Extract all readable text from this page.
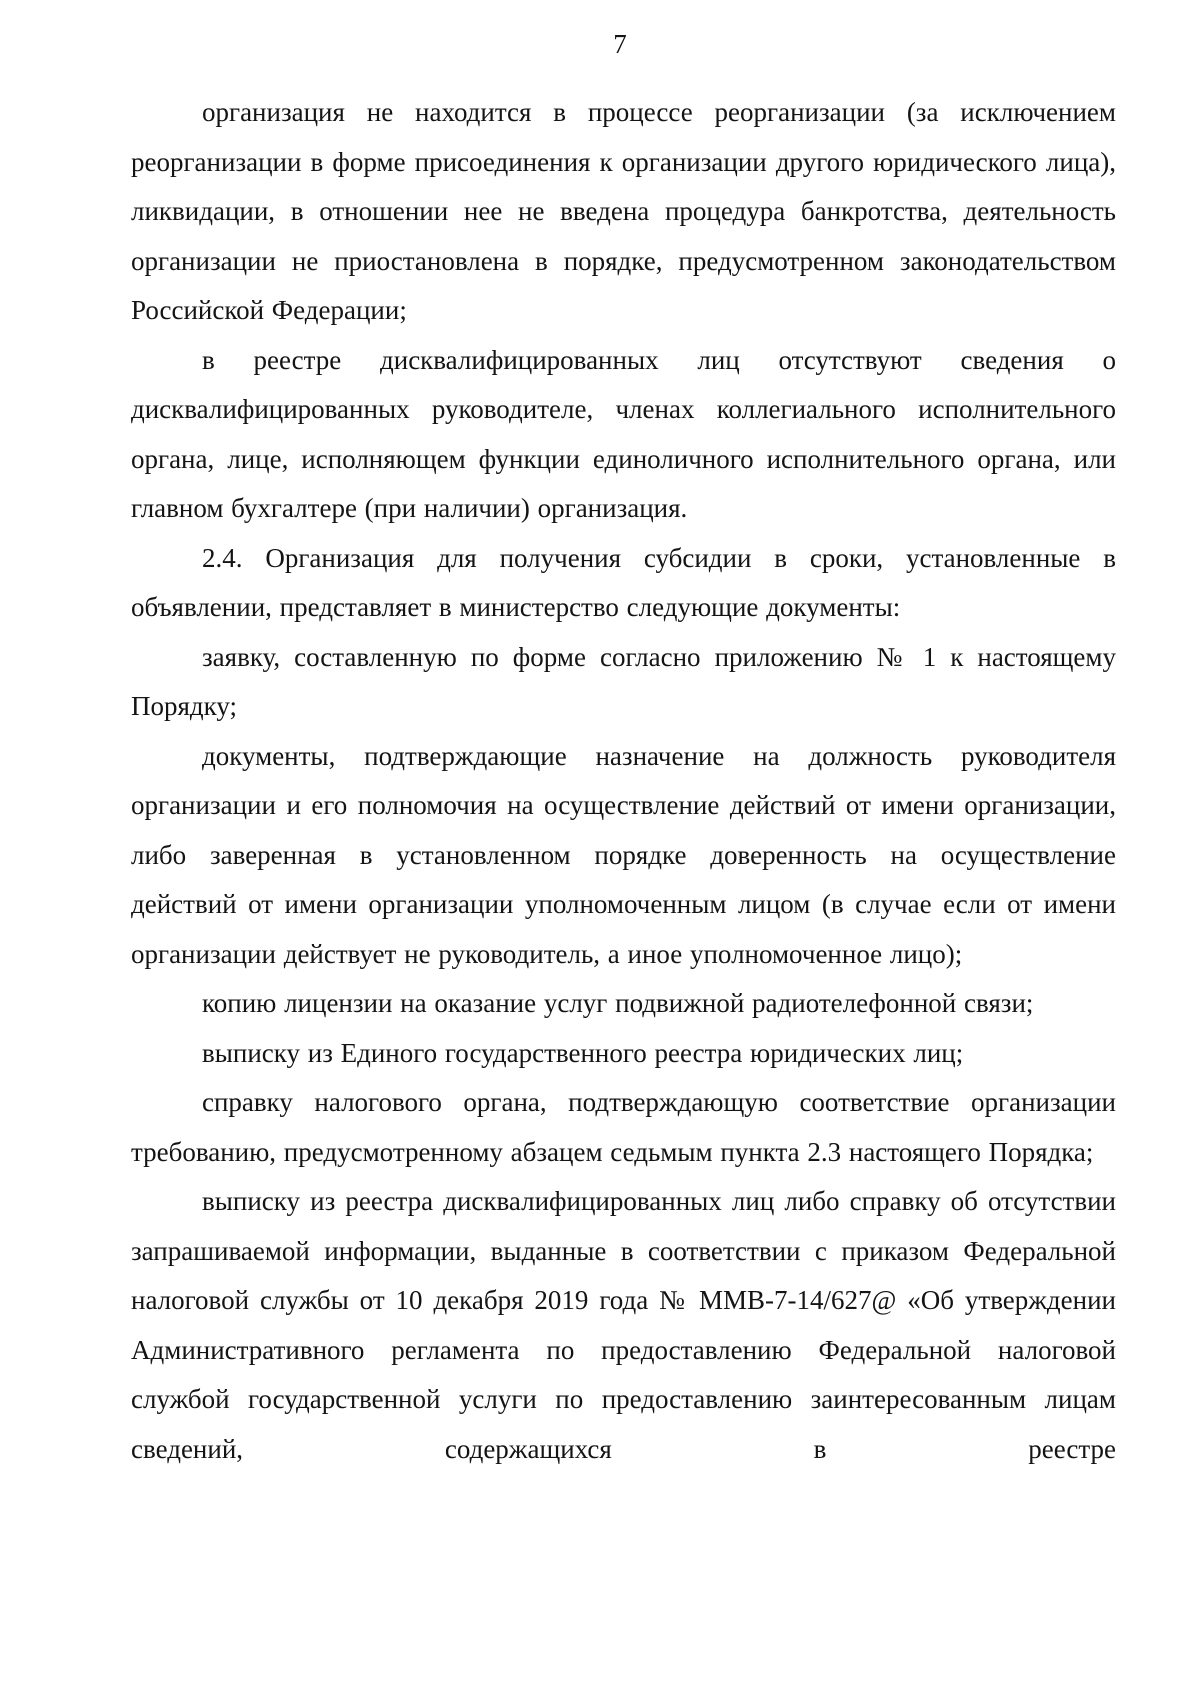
7

организация не находится в процессе реорганизации (за исключением реорганизации в форме присоединения к организации другого юридического лица), ликвидации, в отношении нее не введена процедура банкротства, деятельность организации не приостановлена в порядке, предусмотренном законодательством Российской Федерации;

в реестре дисквалифицированных лиц отсутствуют сведения о дисквалифицированных руководителе, членах коллегиального исполнительного органа, лице, исполняющем функции единоличного исполнительного органа, или главном бухгалтере (при наличии) организация.

2.4. Организация для получения субсидии в сроки, установленные в объявлении, представляет в министерство следующие документы:

заявку, составленную по форме согласно приложению № 1 к настоящему Порядку;

документы, подтверждающие назначение на должность руководителя организации и его полномочия на осуществление действий от имени организации, либо заверенная в установленном порядке доверенность на осуществление действий от имени организации уполномоченным лицом (в случае если от имени организации действует не руководитель, а иное уполномоченное лицо);

копию лицензии на оказание услуг подвижной радиотелефонной связи;

выписку из Единого государственного реестра юридических лиц;

справку налогового органа, подтверждающую соответствие организации требованию, предусмотренному абзацем седьмым пункта 2.3 настоящего Порядка;

выписку из реестра дисквалифицированных лиц либо справку об отсутствии запрашиваемой информации, выданные в соответствии с приказом Федеральной налоговой службы от 10 декабря 2019 года № ММВ-7-14/627@ «Об утверждении Административного регламента по предоставлению Федеральной налоговой службой государственной услуги по предоставлению заинтересованным лицам сведений, содержащихся в реестре
